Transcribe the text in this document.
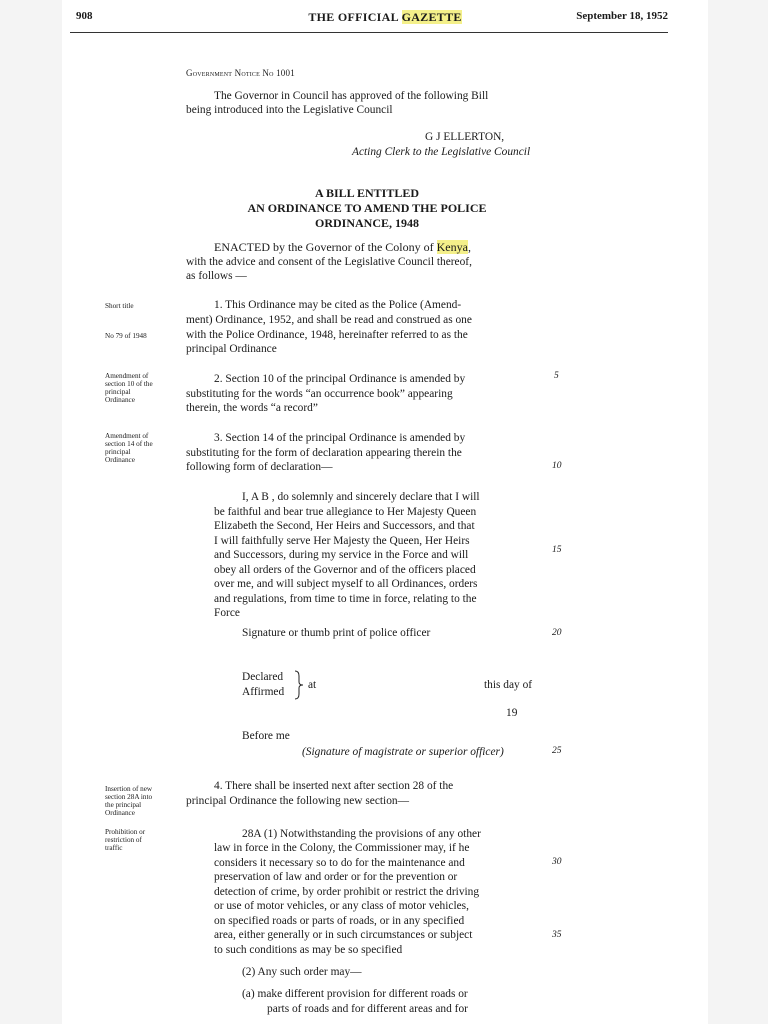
908	THE OFFICIAL GAZETTE	September 18, 1952
Government Notice No 1001
The Governor in Council has approved of the following Bill
being introduced into the Legislative Council
G J ELLERTON,
Acting Clerk to the Legislative Council
A BILL ENTITLED
AN ORDINANCE TO AMEND THE POLICE
ORDINANCE, 1948
ENACTED by the Governor of the Colony of Kenya,
with the advice and consent of the Legislative Council thereof,
as follows —
Short title
No 79 of 1948
1. This Ordinance may be cited as the Police (Amend-
ment) Ordinance, 1952, and shall be read and construed as one
with the Police Ordinance, 1948, hereinafter referred to as the
principal Ordinance
Amendment of
section 10 of the
principal
Ordinance
2. Section 10 of the principal Ordinance is amended by	5
substituting for the words “an occurrence book” appearing
therein, the words “a record”
Amendment of
section 14 of the
principal
Ordinance
3. Section 14 of the principal Ordinance is amended by
substituting for the form of declaration appearing therein the
following form of declaration—	10
I, A B , do solemnly and sincerely declare that I will
be faithful and bear true allegiance to Her Majesty Queen
Elizabeth the Second, Her Heirs and Successors, and that
I will faithfully serve Her Majesty the Queen, Her Heirs
and Successors, during my service in the Force and will	15
obey all orders of the Governor and of the officers placed
over me, and will subject myself to all Ordinances, orders
and regulations, from time to time in force, relating to the
Force
Signature or thumb print of police officer	20
Declared
Affirmed
at	this day of
19
Before me
(Signature of magistrate or superior officer)	25
Insertion of new
section 28A into
the principal
Ordinance
4. There shall be inserted next after section 28 of the
principal Ordinance the following new section—
Prohibition or
restriction of
traffic
28A (1) Notwithstanding the provisions of any other
law in force in the Colony, the Commissioner may, if he
considers it necessary so to do for the maintenance and	30
preservation of law and order or for the prevention or
detection of crime, by order prohibit or restrict the driving
or use of motor vehicles, or any class of motor vehicles,
on specified roads or parts of roads, or in any specified
area, either generally or in such circumstances or subject	35
to such conditions as may be so specified
(2) Any such order may—
(a) make different provision for different roads or
parts of roads and for different areas and for
